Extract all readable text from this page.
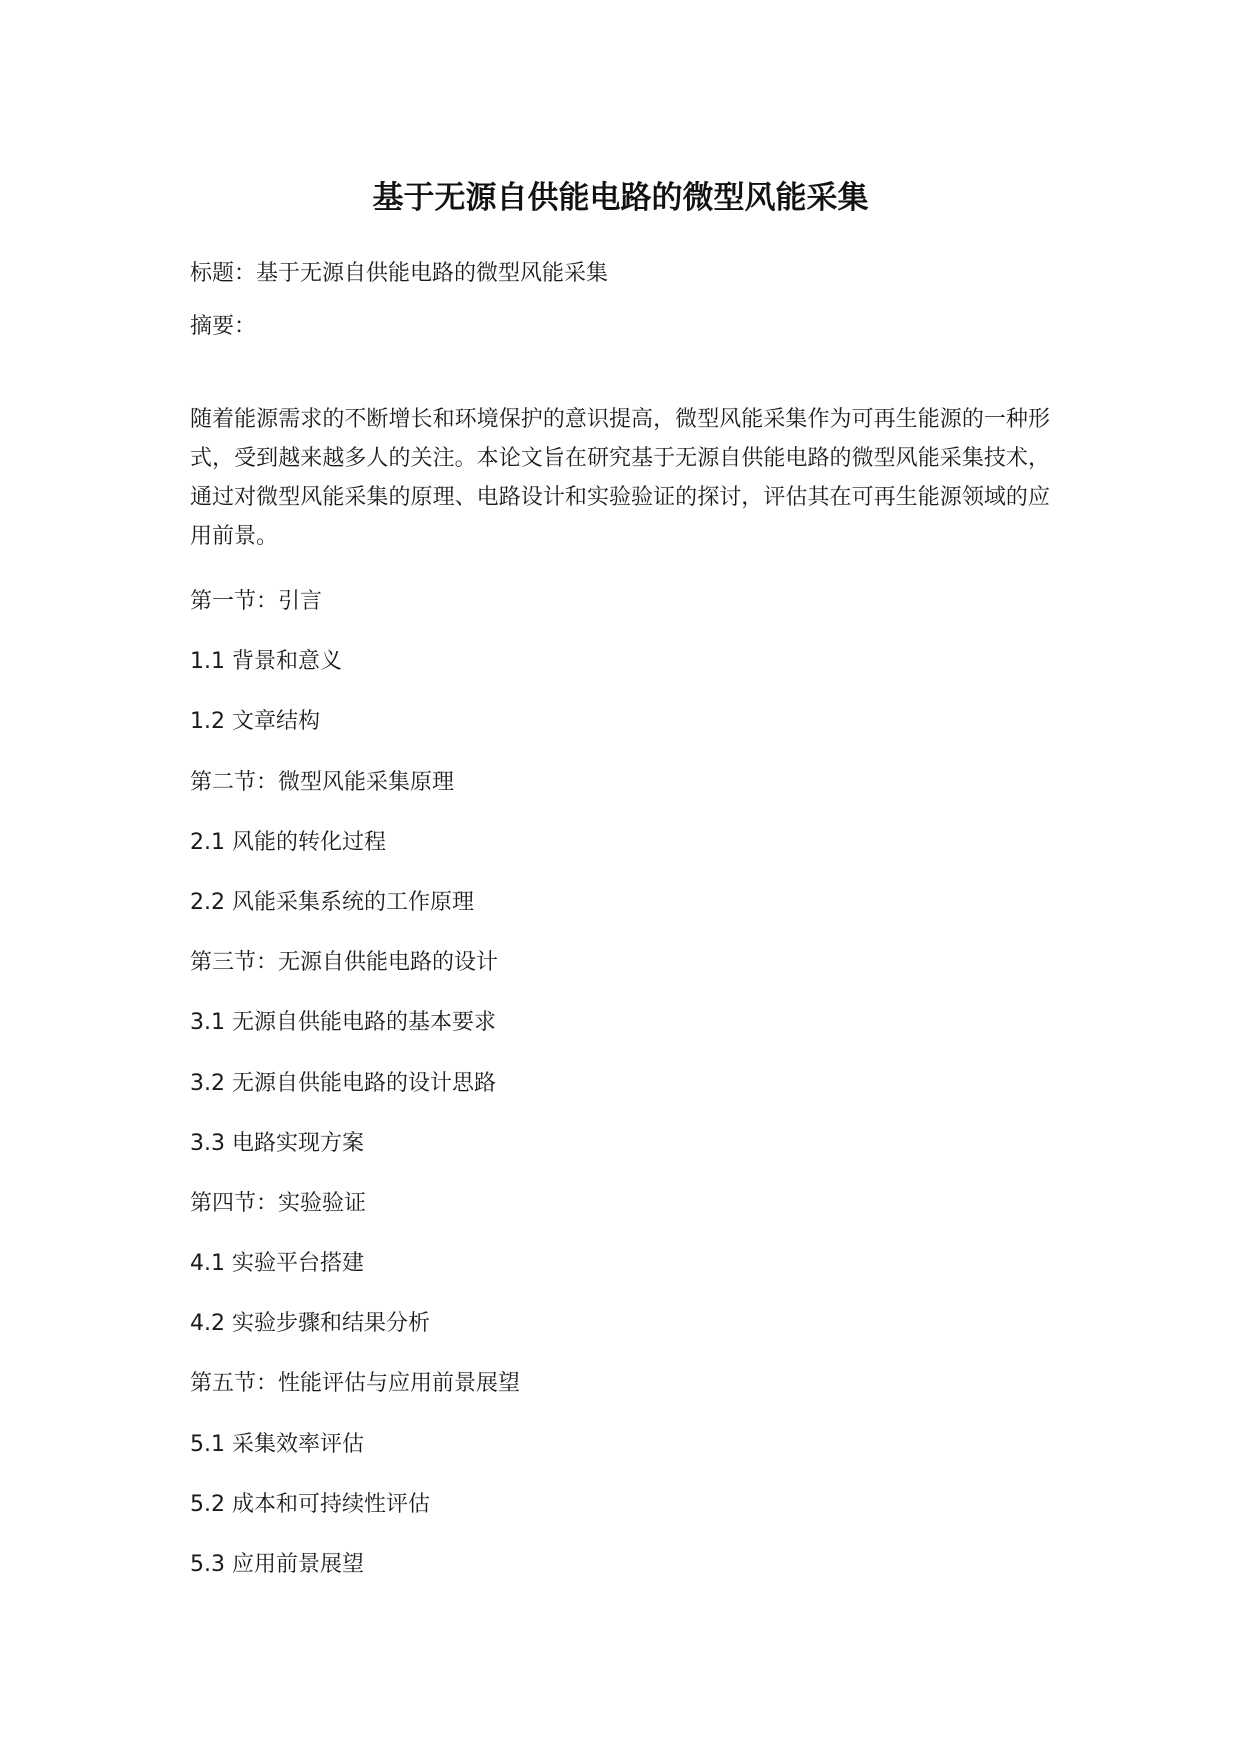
基于无源自供能电路的微型风能采集

标题：基于无源自供能电路的微型风能采集

摘要：

随着能源需求的不断增长和环境保护的意识提高，微型风能采集作为可再生能源的一种形式，受到越来越多人的关注。本论文旨在研究基于无源自供能电路的微型风能采集技术，通过对微型风能采集的原理、电路设计和实验验证的探讨，评估其在可再生能源领域的应用前景。

第一节：引言
1.1 背景和意义
1.2 文章结构
第二节：微型风能采集原理
2.1 风能的转化过程
2.2 风能采集系统的工作原理
第三节：无源自供能电路的设计
3.1 无源自供能电路的基本要求
3.2 无源自供能电路的设计思路
3.3 电路实现方案
第四节：实验验证
4.1 实验平台搭建
4.2 实验步骤和结果分析
第五节：性能评估与应用前景展望
5.1 采集效率评估
5.2 成本和可持续性评估
5.3 应用前景展望
